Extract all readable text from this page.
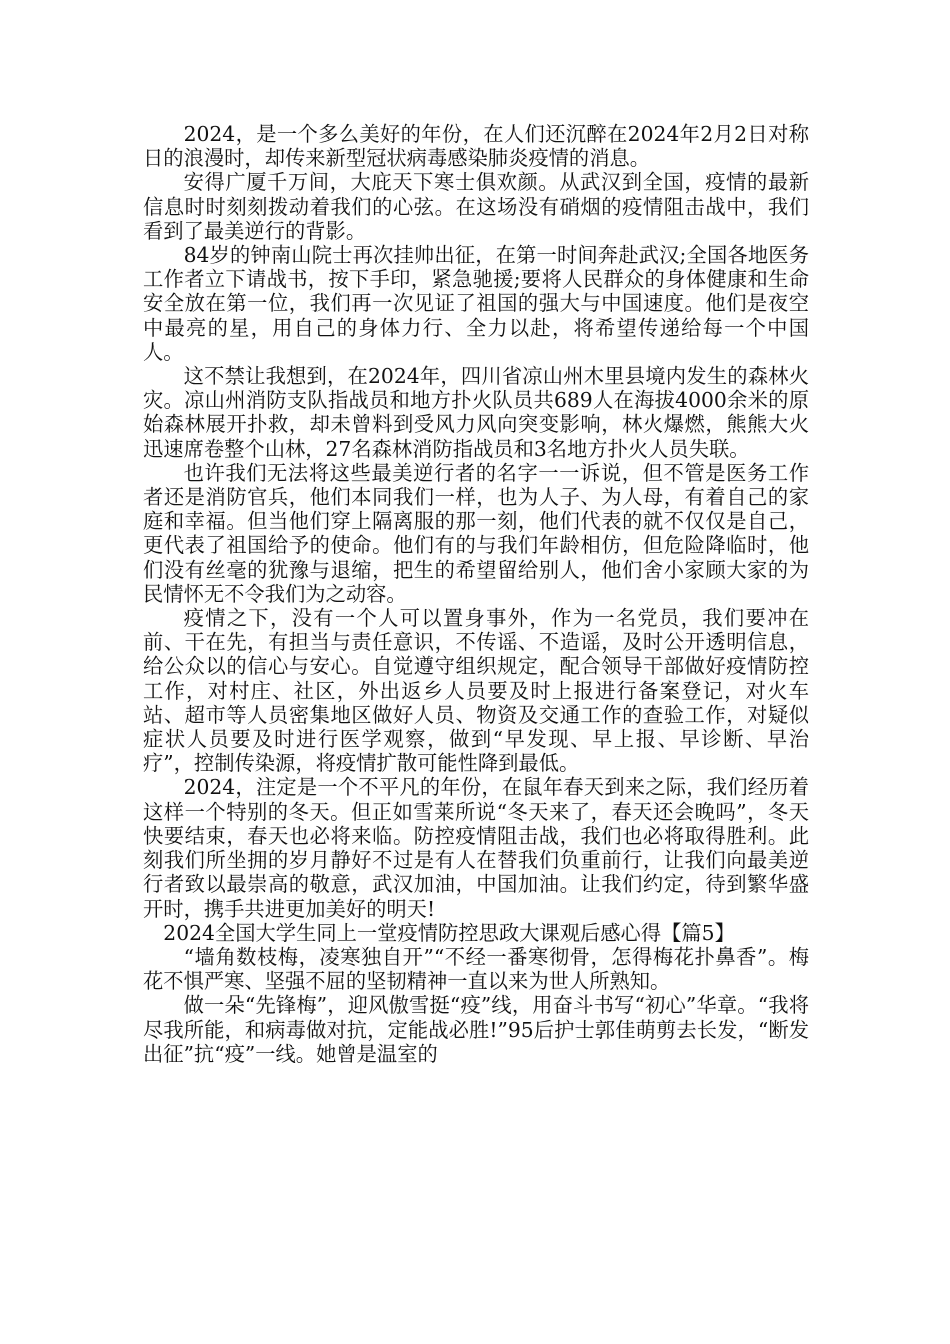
2024，是一个多么美好的年份，在人们还沉醉在2024年2月2日对称日的浪漫时，却传来新型冠状病毒感染肺炎疫情的消息。

安得广厦千万间，大庇天下寒士俱欢颜。从武汉到全国，疫情的最新信息时时刻刻拨动着我们的心弦。在这场没有硝烟的疫情阻击战中，我们看到了最美逆行的背影。

84岁的钟南山院士再次挂帅出征，在第一时间奔赴武汉;全国各地医务工作者立下请战书，按下手印，紧急驰援;要将人民群众的身体健康和生命安全放在第一位，我们再一次见证了祖国的强大与中国速度。他们是夜空中最亮的星，用自己的身体力行、全力以赴，将希望传递给每一个中国人。

这不禁让我想到，在2024年，四川省凉山州木里县境内发生的森林火灾。凉山州消防支队指战员和地方扑火队员共689人在海拔4000余米的原始森林展开扑救，却未曾料到受风力风向突变影响，林火爆燃，熊熊大火迅速席卷整个山林，27名森林消防指战员和3名地方扑火人员失联。

也许我们无法将这些最美逆行者的名字一一诉说，但不管是医务工作者还是消防官兵，他们本同我们一样，也为人子、为人母，有着自己的家庭和幸福。但当他们穿上隔离服的那一刻，他们代表的就不仅仅是自己，更代表了祖国给予的使命。他们有的与我们年龄相仿，但危险降临时，他们没有丝毫的犹豫与退缩，把生的希望留给别人，他们舍小家顾大家的为民情怀无不令我们为之动容。

疫情之下，没有一个人可以置身事外，作为一名党员，我们要冲在前、干在先，有担当与责任意识，不传谣、不造谣，及时公开透明信息，给公众以的信心与安心。自觉遵守组织规定，配合领导干部做好疫情防控工作，对村庄、社区，外出返乡人员要及时上报进行备案登记，对火车站、超市等人员密集地区做好人员、物资及交通工作的查验工作，对疑似症状人员要及时进行医学观察，做到“早发现、早上报、早诊断、早治疗”，控制传染源，将疫情扩散可能性降到最低。

2024，注定是一个不平凡的年份，在鼠年春天到来之际，我们经历着这样一个特别的冬天。但正如雪莱所说“冬天来了，春天还会晚吗”，冬天快要结束，春天也必将来临。防控疫情阻击战，我们也必将取得胜利。此刻我们所坐拥的岁月静好不过是有人在替我们负重前行，让我们向最美逆行者致以最崇高的敬意，武汉加油，中国加油。让我们约定，待到繁华盛开时，携手共进更加美好的明天!

2024全国大学生同上一堂疫情防控思政大课观后感心得【篇5】

“墙角数枝梅，凌寒独自开”“不经一番寒彻骨，怎得梅花扑鼻香”。梅花不惧严寒、坚强不屈的坚韧精神一直以来为世人所熟知。

做一朵“先锋梅”，迎风傲雪挺“疫”线，用奋斗书写“初心”华章。“我将尽我所能，和病毒做对抗，定能战必胜!”95后护士郭佳萌剪去长发，“断发出征”抗“疫”一线。她曾是温室的
